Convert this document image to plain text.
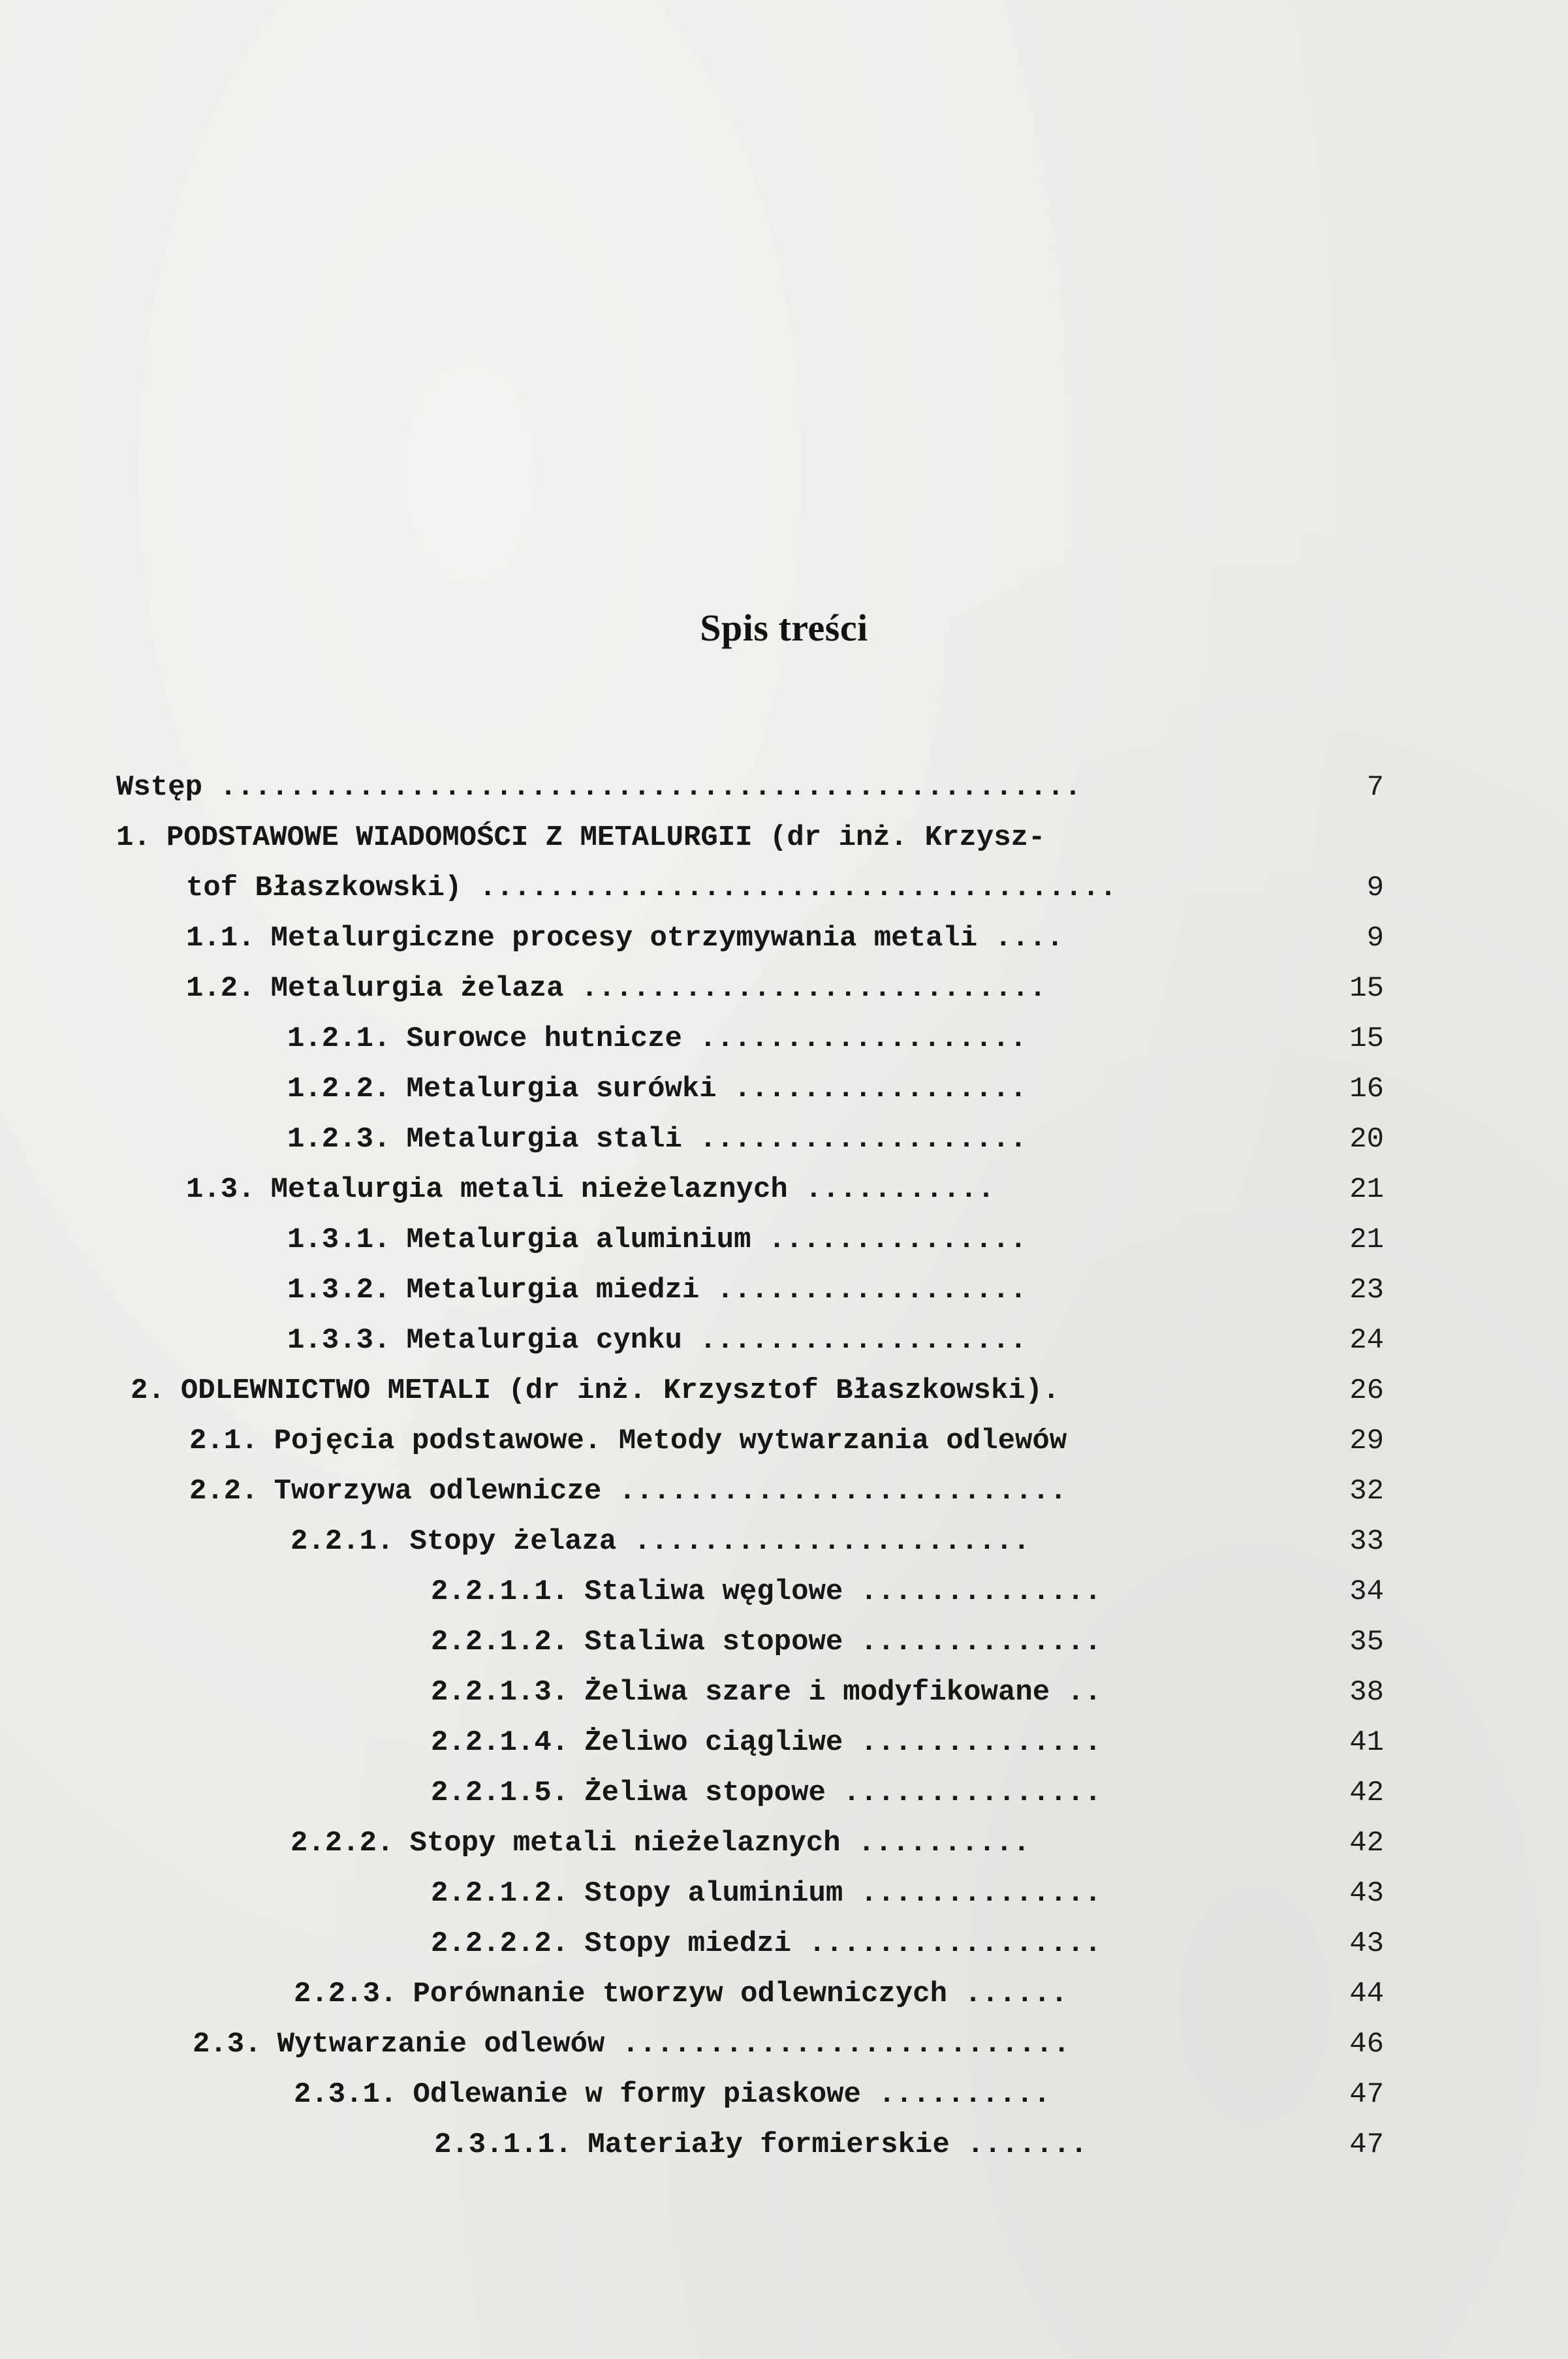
Spis treści
Wstęp ..................................................	7
1. PODSTAWOWE WIADOMOŚCI Z METALURGII (dr inż. Krzysz-
tof Błaszkowski) .....................................	9
1.1. Metalurgiczne procesy otrzymywania metali ....	9
1.2. Metalurgia żelaza ...........................	15
1.2.1. Surowce hutnicze ...................	15
1.2.2. Metalurgia surówki .................	16
1.2.3. Metalurgia stali ...................	20
1.3. Metalurgia metali nieżelaznych ...........	21
1.3.1. Metalurgia aluminium ...............	21
1.3.2. Metalurgia miedzi ..................	23
1.3.3. Metalurgia cynku ...................	24
2. ODLEWNICTWO METALI (dr inż. Krzysztof Błaszkowski).	26
2.1. Pojęcia podstawowe. Metody wytwarzania odlewów	29
2.2. Tworzywa odlewnicze ..........................	32
2.2.1. Stopy żelaza .......................	33
2.2.1.1. Staliwa węglowe ..............	34
2.2.1.2. Staliwa stopowe ..............	35
2.2.1.3. Żeliwa szare i modyfikowane ..	38
2.2.1.4. Żeliwo ciągliwe ..............	41
2.2.1.5. Żeliwa stopowe ...............	42
2.2.2. Stopy metali nieżelaznych ..........	42
2.2.1.2. Stopy aluminium ..............	43
2.2.2.2. Stopy miedzi .................	43
2.2.3. Porównanie tworzyw odlewniczych ......	44
2.3. Wytwarzanie odlewów ..........................	46
2.3.1. Odlewanie w formy piaskowe ..........	47
2.3.1.1. Materiały formierskie .......	47
